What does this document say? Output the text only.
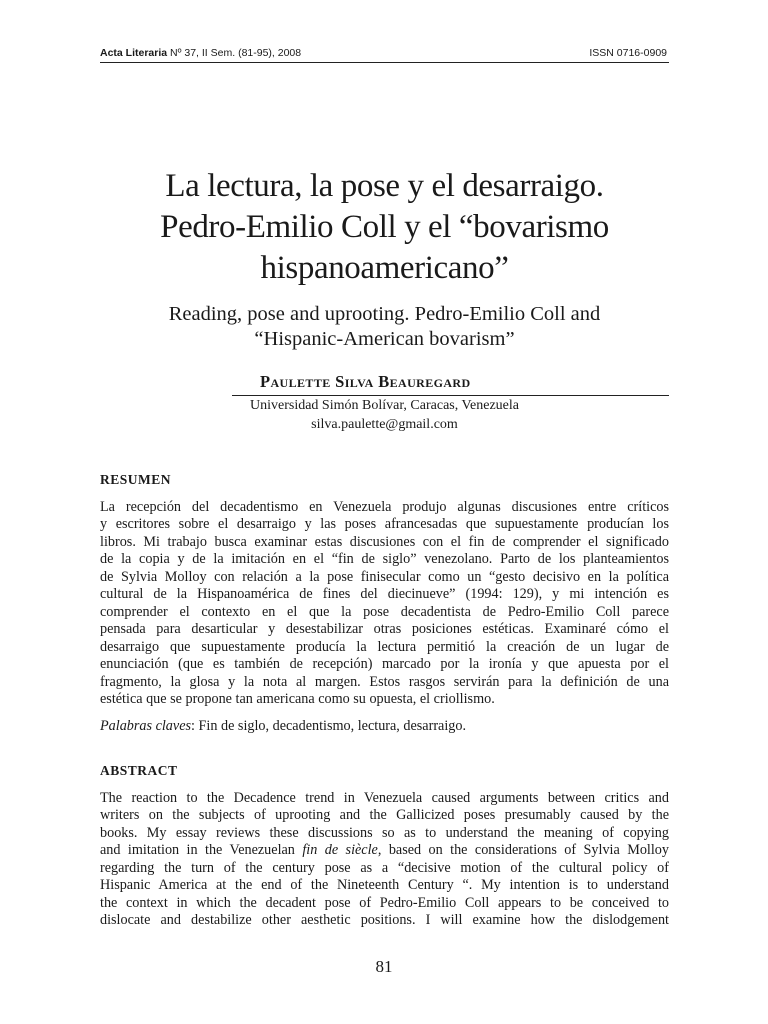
Acta Literaria Nº 37, II Sem. (81-95), 2008	ISSN 0716-0909
La lectura, la pose y el desarraigo.
Pedro-Emilio Coll y el “bovarismo
hispanoamericano”
Reading, pose and uprooting. Pedro-Emilio Coll and
“Hispanic-American bovarism”
Paulette Silva Beauregard
Universidad Simón Bolívar, Caracas, Venezuela
silva.paulette@gmail.com
RESUMEN
La recepción del decadentismo en Venezuela produjo algunas discusiones entre críticos
y escritores sobre el desarraigo y las poses afrancesadas que supuestamente producían los
libros. Mi trabajo busca examinar estas discusiones con el fin de comprender el significado
de la copia y de la imitación en el “fin de siglo” venezolano. Parto de los planteamientos
de Sylvia Molloy con relación a la pose finisecular como un “gesto decisivo en la política
cultural de la Hispanoamérica de fines del diecinueve” (1994: 129), y mi intención es
comprender el contexto en el que la pose decadentista de Pedro-Emilio Coll parece
pensada para desarticular y desestabilizar otras posiciones estéticas. Examinaré cómo el
desarraigo que supuestamente producía la lectura permitió la creación de un lugar de
enunciación (que es también de recepción) marcado por la ironía y que apuesta por el
fragmento, la glosa y la nota al margen. Estos rasgos servirán para la definición de una
estética que se propone tan americana como su opuesta, el criollismo.
Palabras claves: Fin de siglo, decadentismo, lectura, desarraigo.
ABSTRACT
The reaction to the Decadence trend in Venezuela caused arguments between critics and
writers on the subjects of uprooting and the Gallicized poses presumably caused by the
books. My essay reviews these discussions so as to understand the meaning of copying
and imitation in the Venezuelan fin de siècle, based on the considerations of Sylvia Molloy
regarding the turn of the century pose as a “decisive motion of the cultural policy of
Hispanic America at the end of the Nineteenth Century “. My intention is to understand
the context in which the decadent pose of Pedro-Emilio Coll appears to be conceived to
dislocate and destabilize other aesthetic positions. I will examine how the dislodgement
81
